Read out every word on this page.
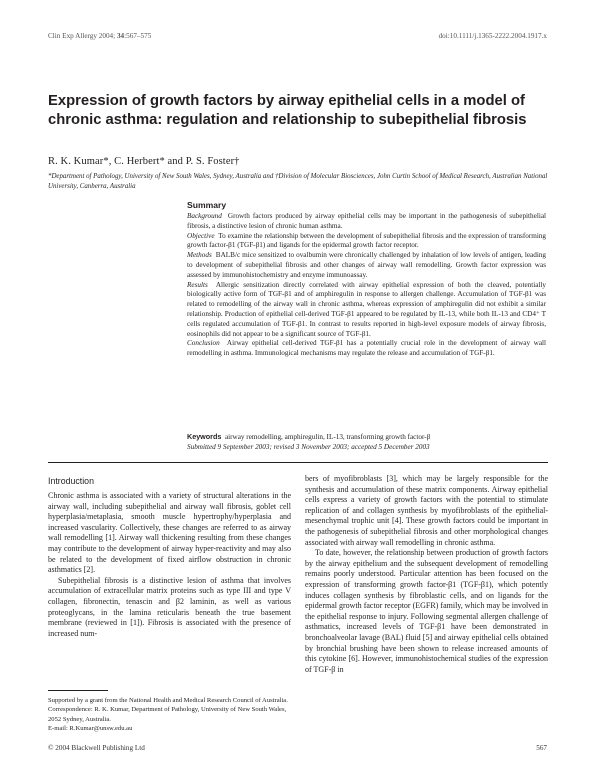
Clin Exp Allergy 2004; 34:567–575	doi:10.1111/j.1365-2222.2004.1917.x
Expression of growth factors by airway epithelial cells in a model of chronic asthma: regulation and relationship to subepithelial fibrosis
R. K. Kumar*, C. Herbert* and P. S. Foster†
*Department of Pathology, University of New South Wales, Sydney, Australia and †Division of Molecular Biosciences, John Curtin School of Medical Research, Australian National University, Canberra, Australia
Summary

Background Growth factors produced by airway epithelial cells may be important in the pathogenesis of subepithelial fibrosis, a distinctive lesion of chronic human asthma.

Objective To examine the relationship between the development of subepithelial fibrosis and the expression of transforming growth factor-β1 (TGF-β1) and ligands for the epidermal growth factor receptor.

Methods BALB/c mice sensitized to ovalbumin were chronically challenged by inhalation of low levels of antigen, leading to development of subepithelial fibrosis and other changes of airway wall remodelling. Growth factor expression was assessed by immunohistochemistry and enzyme immunoassay.

Results Allergic sensitization directly correlated with airway epithelial expression of both the cleaved, potentially biologically active form of TGF-β1 and of amphiregulin in response to allergen challenge. Accumulation of TGF-β1 was related to remodelling of the airway wall in chronic asthma, whereas expression of amphiregulin did not exhibit a similar relationship. Production of epithelial cell-derived TGF-β1 appeared to be regulated by IL-13, while both IL-13 and CD4⁺ T cells regulated accumulation of TGF-β1. In contrast to results reported in high-level exposure models of airway fibrosis, eosinophils did not appear to be a significant source of TGF-β1.

Conclusion Airway epithelial cell-derived TGF-β1 has a potentially crucial role in the development of airway wall remodelling in asthma. Immunological mechanisms may regulate the release and accumulation of TGF-β1.

Keywords airway remodelling, amphiregulin, IL-13, transforming growth factor-β
Submitted 9 September 2003; revised 3 November 2003; accepted 5 December 2003
Introduction

Chronic asthma is associated with a variety of structural alterations in the airway wall, including subepithelial and airway wall fibrosis, goblet cell hyperplasia/metaplasia, smooth muscle hypertrophy/hyperplasia and increased vascularity. Collectively, these changes are referred to as airway wall remodelling [1]. Airway wall thickening resulting from these changes may contribute to the development of airway hyper-reactivity and may also be related to the development of fixed airflow obstruction in chronic asthmatics [2].

Subepithelial fibrosis is a distinctive lesion of asthma that involves accumulation of extracellular matrix proteins such as type III and type V collagen, fibronectin, tenascin and β2 laminin, as well as various proteoglycans, in the lamina reticularis beneath the true basement membrane (reviewed in [1]). Fibrosis is associated with the presence of increased num-

bers of myofibroblasts [3], which may be largely responsible for the synthesis and accumulation of these matrix components. Airway epithelial cells express a variety of growth factors with the potential to stimulate replication of and collagen synthesis by myofibroblasts of the epithelial-mesenchymal trophic unit [4]. These growth factors could be important in the pathogenesis of subepithelial fibrosis and other morphological changes associated with airway wall remodelling in chronic asthma.

To date, however, the relationship between production of growth factors by the airway epithelium and the subsequent development of remodelling remains poorly understood. Particular attention has been focused on the expression of transforming growth factor-β1 (TGF-β1), which potently induces collagen synthesis by fibroblastic cells, and on ligands for the epidermal growth factor receptor (EGFR) family, which may be involved in the epithelial response to injury. Following segmental allergen challenge of asthmatics, increased levels of TGF-β1 have been demonstrated in bronchoalveolar lavage (BAL) fluid [5] and airway epithelial cells obtained by bronchial brushing have been shown to release increased amounts of this cytokine [6]. However, immunohistochemical studies of the expression of TGF-β in

Supported by a grant from the National Health and Medical Research Council of Australia.

Correspondence: R. K. Kumar, Department of Pathology, University of New South Wales, 2052 Sydney, Australia.

E-mail: R.Kumar@unsw.edu.au

© 2004 Blackwell Publishing Ltd	567
